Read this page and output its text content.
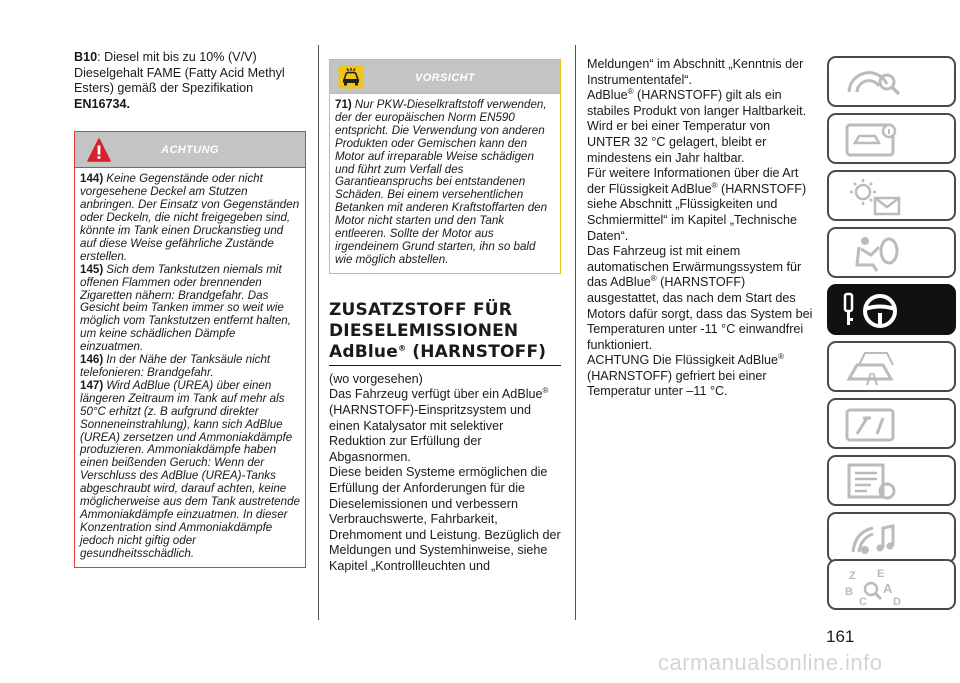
B10: Diesel mit bis zu 10% (V/V) Dieselgehalt FAME (Fatty Acid Methyl Esters) gemäß der Spezifikation
EN16734.

ACHTUNG

144) Keine Gegenstände oder nicht vorgesehene Deckel am Stutzen anbringen. Der Einsatz von Gegenständen oder Deckeln, die nicht freigegeben sind, könnte im Tank einen Druckanstieg und auf diese Weise gefährliche Zustände erstellen.

145) Sich dem Tankstutzen niemals mit offenen Flammen oder brennenden Zigaretten nähern: Brandgefahr. Das Gesicht beim Tanken immer so weit wie möglich vom Tankstutzen entfernt halten, um keine schädlichen Dämpfe einzuatmen.

146) In der Nähe der Tanksäule nicht telefonieren: Brandgefahr.

147) Wird AdBlue (UREA) über einen längeren Zeitraum im Tank auf mehr als 50°C erhitzt (z. B aufgrund direkter Sonneneinstrahlung), kann sich AdBlue (UREA) zersetzen und Ammoniakdämpfe produzieren. Ammoniakdämpfe haben einen beißenden Geruch: Wenn der Verschluss des AdBlue (UREA)-Tanks abgeschraubt wird, darauf achten, keine möglicherweise aus dem Tank austretende Ammoniakdämpfe einzuatmen. In dieser Konzentration sind Ammoniakdämpfe jedoch nicht giftig oder gesundheitsschädlich.

VORSICHT

71) Nur PKW-Dieselkraftstoff verwenden, der der europäischen Norm EN590 entspricht. Die Verwendung von anderen Produkten oder Gemischen kann den Motor auf irreparable Weise schädigen und führt zum Verfall des Garantieanspruchs bei entstandenen Schäden. Bei einem versehentlichen Betanken mit anderen Kraftstoffarten den Motor nicht starten und den Tank entleeren. Sollte der Motor aus irgendeinem Grund starten, ihn so bald wie möglich abstellen.

ZUSATZSTOFF FÜR
DIESELEMISSIONEN
AdBlue® (HARNSTOFF)

(wo vorgesehen)

Das Fahrzeug verfügt über ein AdBlue® (HARNSTOFF)-Einspritzsystem und einen Katalysator mit selektiver Reduktion zur Erfüllung der Abgasnormen.

Diese beiden Systeme ermöglichen die Erfüllung der Anforderungen für die Dieselemissionen und verbessern Verbrauchswerte, Fahrbarkeit, Drehmoment und Leistung. Bezüglich der Meldungen und Systemhinweise, siehe Kapitel „Kontrollleuchten und

Meldungen“ im Abschnitt „Kenntnis der Instrumententafel“.

AdBlue® (HARNSTOFF) gilt als ein stabiles Produkt von langer Haltbarkeit. Wird er bei einer Temperatur von UNTER 32 °C gelagert, bleibt er mindestens ein Jahr haltbar.

Für weitere Informationen über die Art der Flüssigkeit AdBlue® (HARNSTOFF) siehe Abschnitt „Flüssigkeiten und Schmiermittel“ im Kapitel „Technische Daten“.

Das Fahrzeug ist mit einem automatischen Erwärmungssystem für das AdBlue® (HARNSTOFF) ausgestattet, das nach dem Start des Motors dafür sorgt, dass das System bei Temperaturen unter -11 °C einwandfrei funktioniert.

ACHTUNG Die Flüssigkeit AdBlue® (HARNSTOFF) gefriert bei einer Temperatur unter –11 °C.

Z E
B A
C D
161
carmanualsonline.info
